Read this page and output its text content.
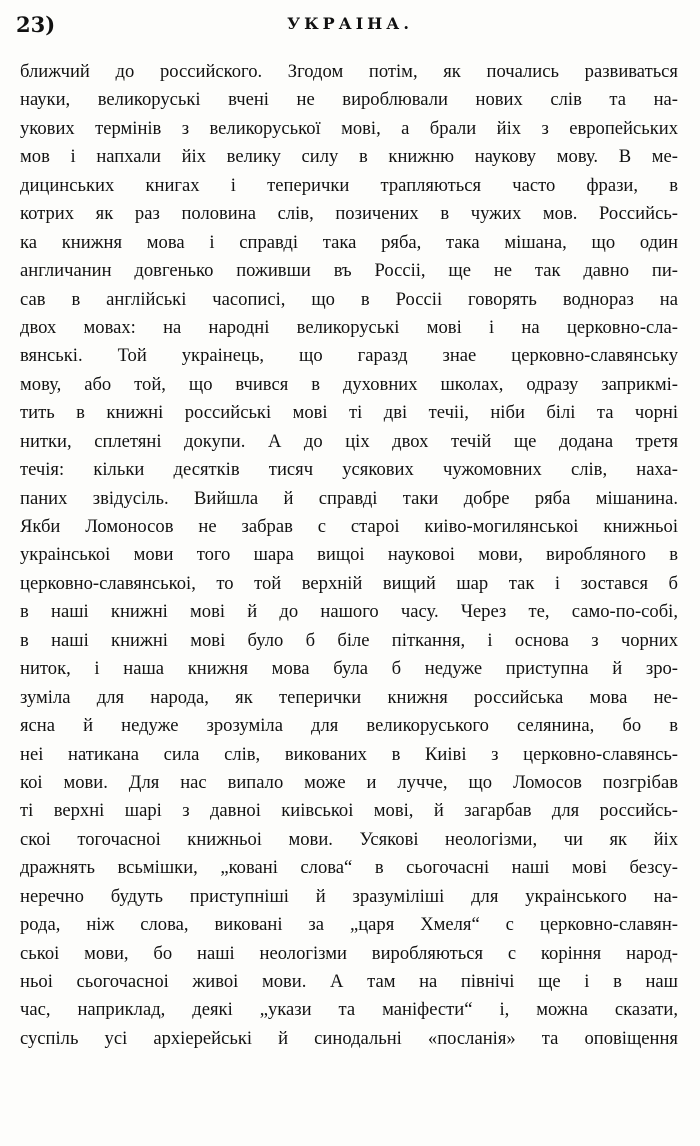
23)	УКРАІНА.
ближчий до российского. Згодом потім, як почались развиваться
науки, великоруські вчені не вироблювали нових слів та на-
укових термінів з великоруської мові, а брали йіх з европейських
мов і напхали йіх велику силу в книжню наукову мову. В ме-
дицинських книгах і теперички трапляються часто фрази, в
котрих як раз половина слів, позичених в чужих мов. Российсь-
ка книжня мова і справді така ряба, така мішана, що один
англичанин довгенько поживши въ Россіі, ще не так давно пи-
сав в англійські часописі, що в Россіі говорять водноpаз на
двох мовах: на народні великоруські мові і на церковно-сла-
вянські. Той украінець, що гаразд знае церковно-славянську
мову, або той, що вчився в духовних школах, одразу заприкмі-
тить в книжні российські мові ті дві течіі, ніби білі та чорні
нитки, сплетяні докупи. А до ціх двох течій ще додана третя
течія: кільки десятків тисяч усякових чужомовних слів, наха-
паних звідусіль. Вийшла й справді таки добре ряба мішанина.
Якби Ломоносов не забрав с староі киіво-могилянськоі книжньоі
украінськоі мови того шара вищоі науковоі мови, виробляного в
церковно-славянськоі, то той верхній вищий шар так і зоставcя б
в наші книжні мові й до нашого часу. Через те, само-по-собі,
в наші книжні мові було б біле піткання, і основа з чорних
ниток, і наша книжня мова була б недуже приступна й зро-
зуміла для народа, як теперички книжня российська мова не-
ясна й недуже зрозуміла для великоруського селянина, бо в
неі натикана сила слів, викованих в Киіві з церковно-славянсь-
коі мови. Для нас випало може и лучче, що Ломосов позгрібав
ті верхні шарі з давноі киівськоі мові, й загарбав для российсь-
скоі тогочасноі книжньоі мови. Усякові неологізми, чи як йіх
дражнять всьмішки, „ковані слова“ в сьогочасні наші мові безсу-
неречно будуть приступніші й зразуміліші для украінського на-
рода, ніж слова, виковані за „царя Хмеля“ с церковно-славян-
ськоі мови, бо наші неологізми виробляються с коріння народ-
ньоі сьогочасноі живоі мови. А там на північі ще і в наш
час, наприклад, деякі „укази та маніфести“ і, можна сказати,
суспіль усі архіерейські й синодальні «посланія» та оповіщення
